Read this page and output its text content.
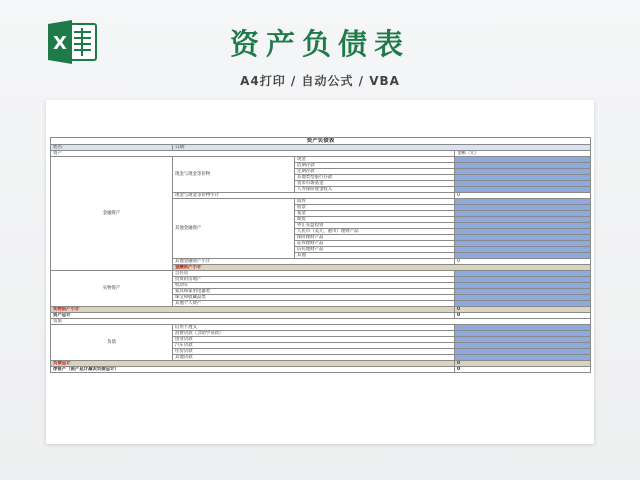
X	资产负债表
A4打印 / 自动公式 / VBA
资产负债表				
姓名：	日期：			
资产			金额（元）	
金融资产	现金与现金等价物	现金		
		活期存款		
		定期存款		
		其他类型银行存款		
		货币市场基金		
		人寿保险现金收入		
	现金与现金等价物小计		0	
	其他金融资产	债券		
		股票		
		基金		
		期货		
		外汇实盘投资		
		人民币（美元，港币）理财产品		
		保险理财产品		
		证券理财产品		
		信托理财产品		
		其他		
	其他金融资产小计		0	
	金融资产小计			
实物资产	自住房			
	投资的房地产			
	机动车			
	家具和家用电器类			
	珠宝和收藏品类			
	其他个人资产			
实物资产小计			0	
资产总计			0	
负债				
负债	信用卡透支			
	消费贷款（含助学贷款）			
	创业贷款			
	汽车贷款			
	住房贷款			
	其他贷款			
负债总计			0	
净资产（资产总计减去负债总计）			0	
